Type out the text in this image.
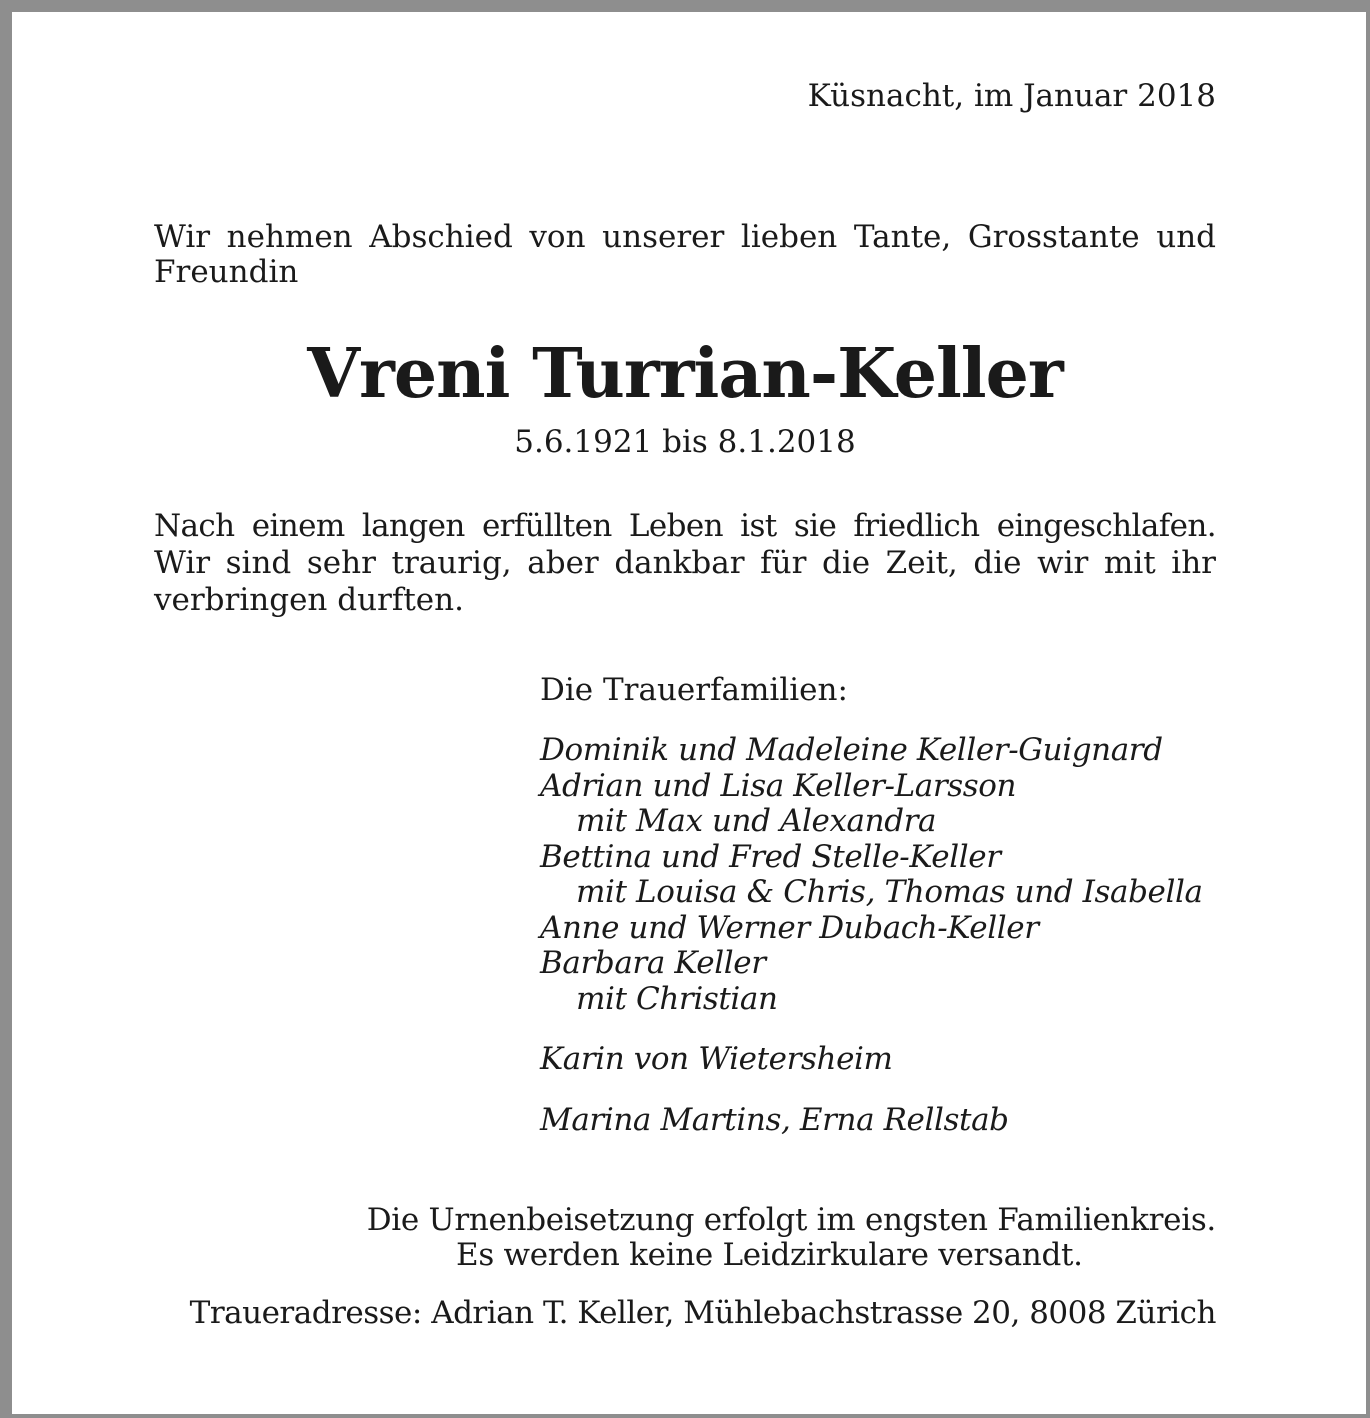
Küsnacht, im Januar 2018
Wir nehmen Abschied von unserer lieben Tante, Grosstante und
Freundin
Vreni Turrian-Keller
5.6.1921 bis 8.1.2018
Nach einem langen erfüllten Leben ist sie friedlich eingeschlafen.
Wir sind sehr traurig, aber dankbar für die Zeit, die wir mit ihr
verbringen durften.
Die Trauerfamilien:
Dominik und Madeleine Keller-Guignard
Adrian und Lisa Keller-Larsson
mit Max und Alexandra
Bettina und Fred Stelle-Keller
mit Louisa & Chris, Thomas und Isabella
Anne und Werner Dubach-Keller
Barbara Keller
mit Christian
Karin von Wietersheim
Marina Martins, Erna Rellstab
Die Urnenbeisetzung erfolgt im engsten Familienkreis.
Es werden keine Leidzirkulare versandt.
Traueradresse: Adrian T. Keller, Mühlebachstrasse 20, 8008 Zürich
